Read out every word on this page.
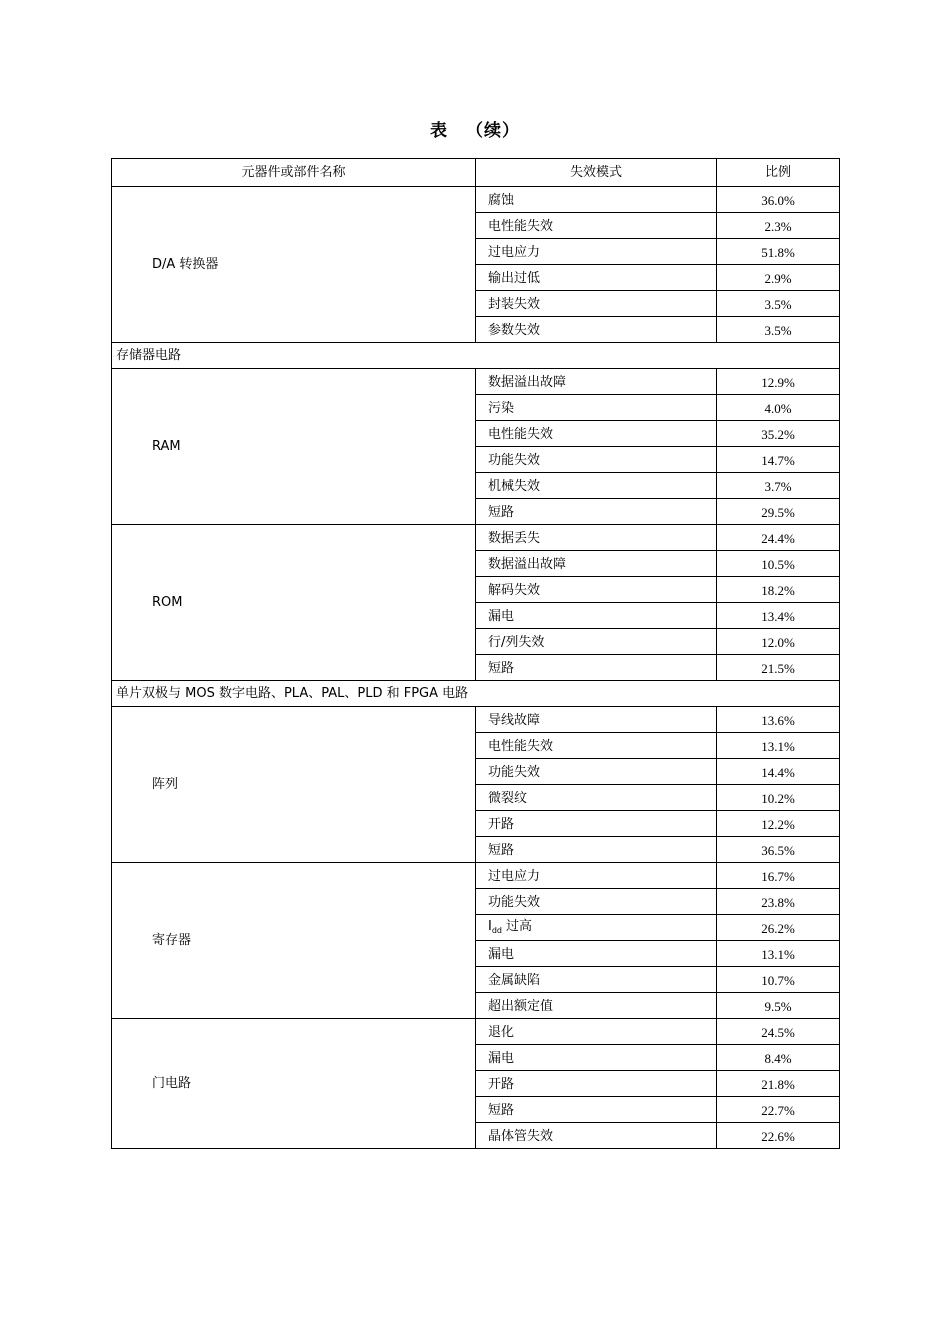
表 （续）
元器件或部件名称	失效模式	比例
D/A 转换器	腐蚀	36.0%
	电性能失效	2.3%
	过电应力	51.8%
	输出过低	2.9%
	封装失效	3.5%
	参数失效	3.5%
存储器电路		
RAM	数据溢出故障	12.9%
	污染	4.0%
	电性能失效	35.2%
	功能失效	14.7%
	机械失效	3.7%
	短路	29.5%
ROM	数据丢失	24.4%
	数据溢出故障	10.5%
	解码失效	18.2%
	漏电	13.4%
	行/列失效	12.0%
	短路	21.5%
单片双极与 MOS 数字电路、PLA、PAL、PLD 和 FPGA 电路		
阵列	导线故障	13.6%
	电性能失效	13.1%
	功能失效	14.4%
	微裂纹	10.2%
	开路	12.2%
	短路	36.5%
寄存器	过电应力	16.7%
	功能失效	23.8%
	$I_{dd}$ 过高	26.2%
	漏电	13.1%
	金属缺陷	10.7%
	超出额定值	9.5%
门电路	退化	24.5%
	漏电	8.4%
	开路	21.8%
	短路	22.7%
	晶体管失效	22.6%
